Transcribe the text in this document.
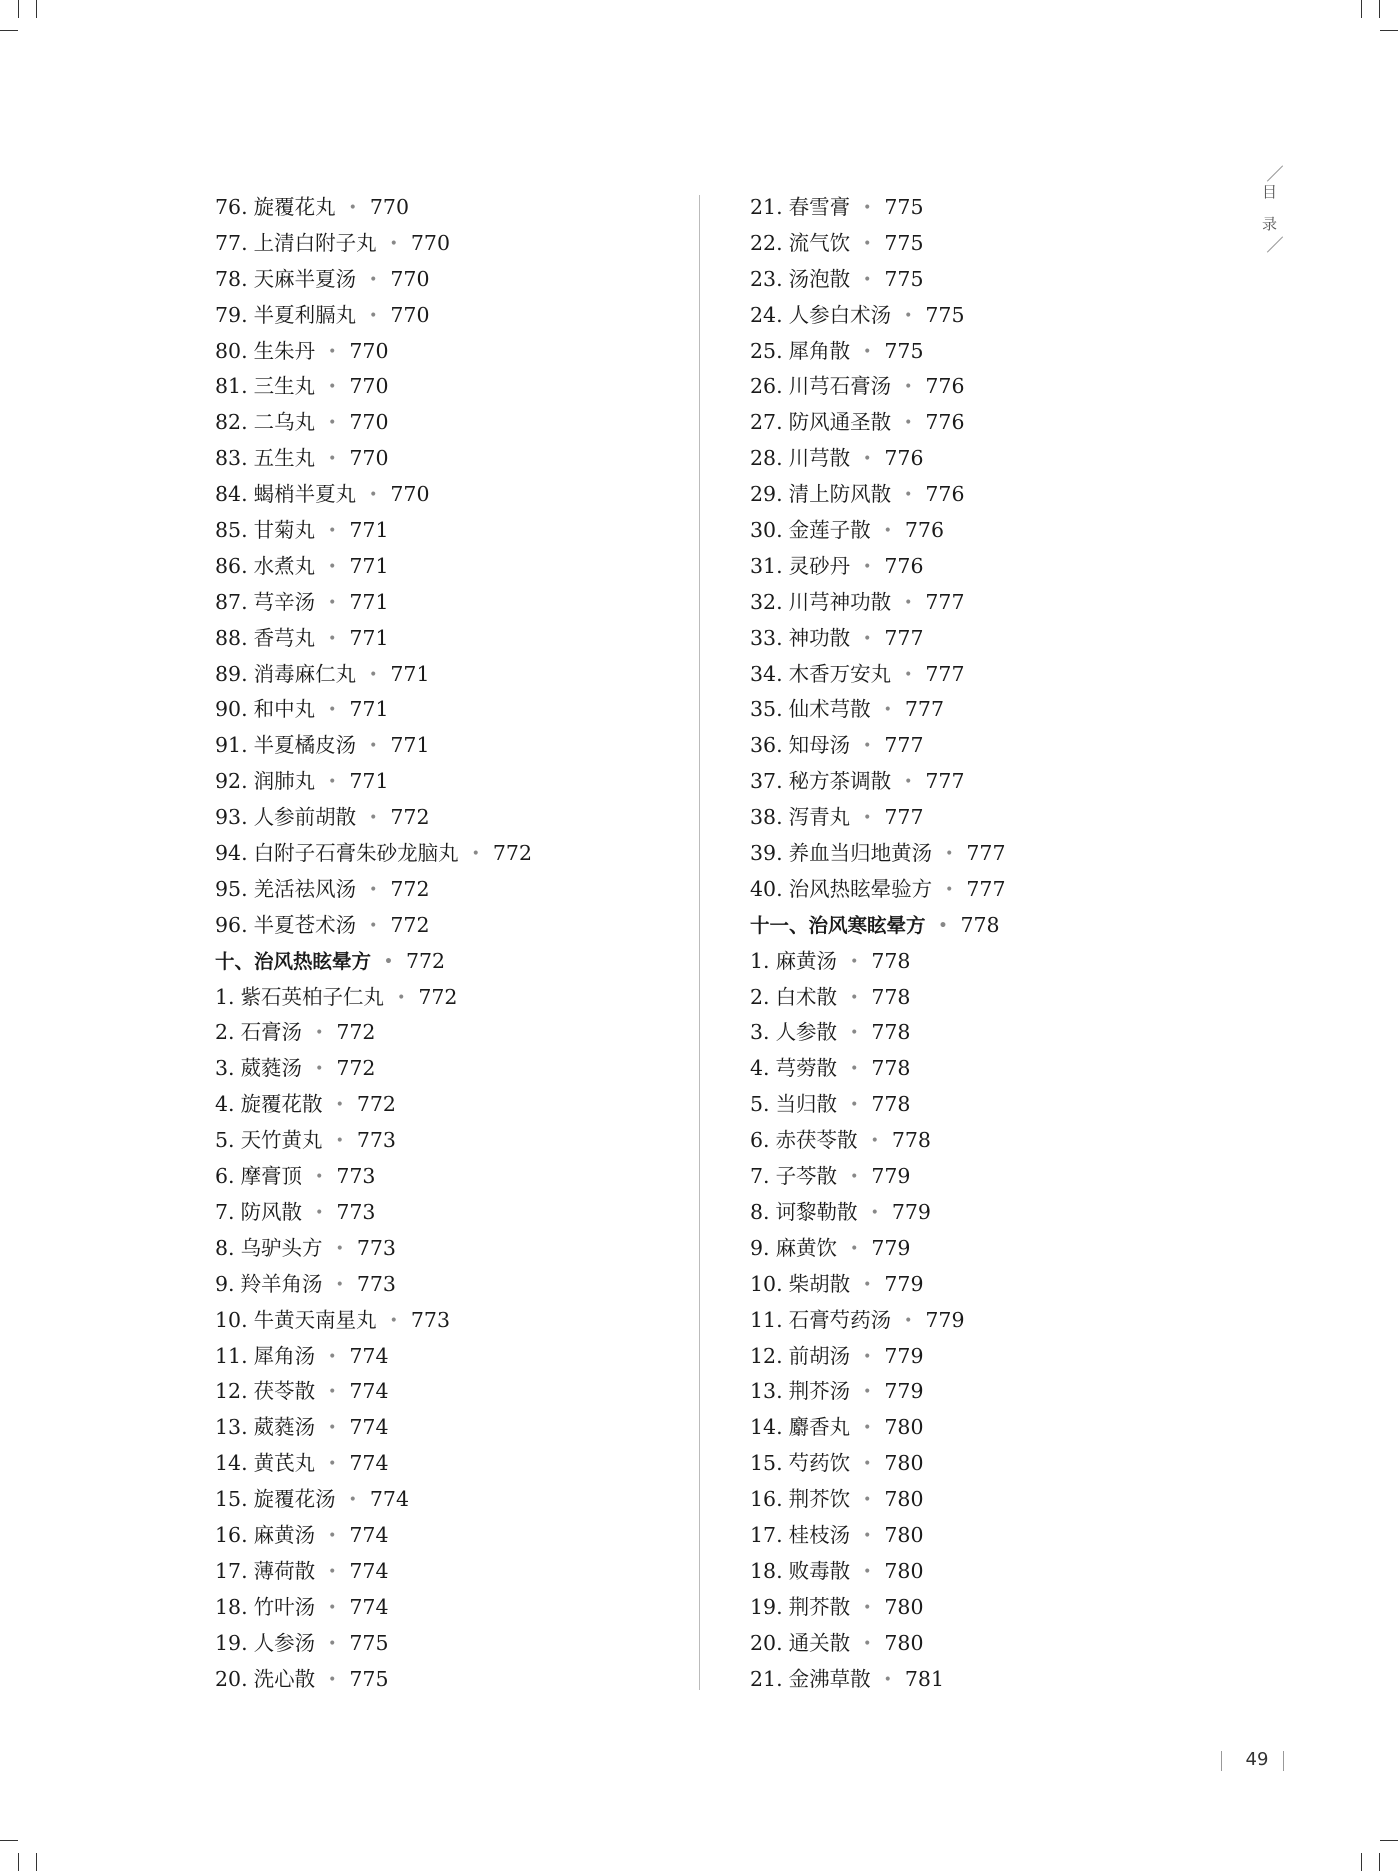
目
录
76. 旋覆花丸 • 770
77. 上清白附子丸 • 770
78. 天麻半夏汤 • 770
79. 半夏利膈丸 • 770
80. 生朱丹 • 770
81. 三生丸 • 770
82. 二乌丸 • 770
83. 五生丸 • 770
84. 蝎梢半夏丸 • 770
85. 甘菊丸 • 771
86. 水煮丸 • 771
87. 芎辛汤 • 771
88. 香芎丸 • 771
89. 消毒麻仁丸 • 771
90. 和中丸 • 771
91. 半夏橘皮汤 • 771
92. 润肺丸 • 771
93. 人参前胡散 • 772
94. 白附子石膏朱砂龙脑丸 • 772
95. 羌活祛风汤 • 772
96. 半夏苍术汤 • 772
十、治风热眩晕方 • 772
1. 紫石英柏子仁丸 • 772
2. 石膏汤 • 772
3. 葳蕤汤 • 772
4. 旋覆花散 • 772
5. 天竹黄丸 • 773
6. 摩膏顶 • 773
7. 防风散 • 773
8. 乌驴头方 • 773
9. 羚羊角汤 • 773
10. 牛黄天南星丸 • 773
11. 犀角汤 • 774
12. 茯苓散 • 774
13. 葳蕤汤 • 774
14. 黄芪丸 • 774
15. 旋覆花汤 • 774
16. 麻黄汤 • 774
17. 薄荷散 • 774
18. 竹叶汤 • 774
19. 人参汤 • 775
20. 洗心散 • 775
21. 春雪膏 • 775
22. 流气饮 • 775
23. 汤泡散 • 775
24. 人参白术汤 • 775
25. 犀角散 • 775
26. 川芎石膏汤 • 776
27. 防风通圣散 • 776
28. 川芎散 • 776
29. 清上防风散 • 776
30. 金莲子散 • 776
31. 灵砂丹 • 776
32. 川芎神功散 • 777
33. 神功散 • 777
34. 木香万安丸 • 777
35. 仙术芎散 • 777
36. 知母汤 • 777
37. 秘方茶调散 • 777
38. 泻青丸 • 777
39. 养血当归地黄汤 • 777
40. 治风热眩晕验方 • 777
十一、治风寒眩晕方 • 778
1. 麻黄汤 • 778
2. 白术散 • 778
3. 人参散 • 778
4. 芎䓖散 • 778
5. 当归散 • 778
6. 赤茯苓散 • 778
7. 子芩散 • 779
8. 诃黎勒散 • 779
9. 麻黄饮 • 779
10. 柴胡散 • 779
11. 石膏芍药汤 • 779
12. 前胡汤 • 779
13. 荆芥汤 • 779
14. 麝香丸 • 780
15. 芍药饮 • 780
16. 荆芥饮 • 780
17. 桂枝汤 • 780
18. 败毒散 • 780
19. 荆芥散 • 780
20. 通关散 • 780
21. 金沸草散 • 781
49
